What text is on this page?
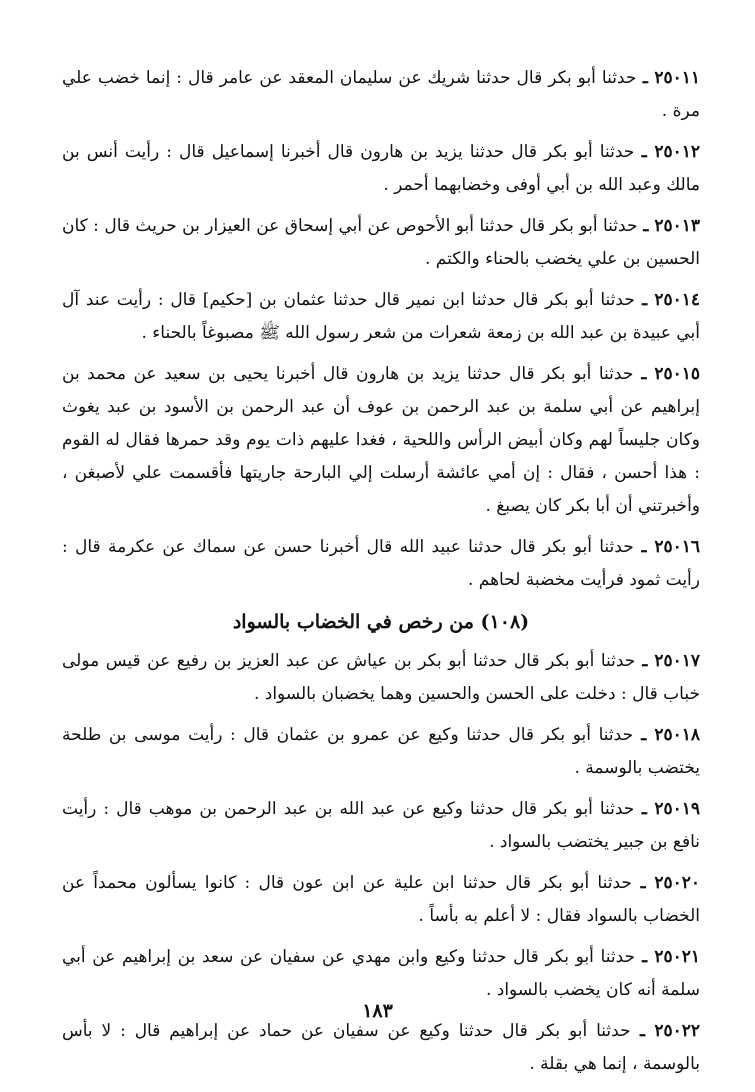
٢٥٠١١ ـ حدثنا أبو بكر قال حدثنا شريك عن سليمان المعقد عن عامر قال : إنما خضب علي مرة .

٢٥٠١٢ ـ حدثنا أبو بكر قال حدثنا يزيد بن هارون قال أخبرنا إسماعيل قال : رأيت أنس بن مالك وعبد الله بن أبي أوفى وخضابهما أحمر .

٢٥٠١٣ ـ حدثنا أبو بكر قال حدثنا أبو الأحوص عن أبي إسحاق عن العيزار بن حريث قال : كان الحسين بن علي يخضب بالحناء والكتم .

٢٥٠١٤ ـ حدثنا أبو بكر قال حدثنا ابن نمير قال حدثنا عثمان بن [حكيم] قال : رأيت عند آل أبي عبيدة بن عبد الله بن زمعة شعرات من شعر رسول الله ﷺ مصبوغاً بالحناء .

٢٥٠١٥ ـ حدثنا أبو بكر قال حدثنا يزيد بن هارون قال أخبرنا يحيى بن سعيد عن محمد بن إبراهيم عن أبي سلمة بن عبد الرحمن بن عوف أن عبد الرحمن بن الأسود بن عبد يغوث وكان جليساً لهم وكان أبيض الرأس واللحية ، فغدا عليهم ذات يوم وقد حمرها فقال له القوم : هذا أحسن ، فقال : إن أمي عائشة أرسلت إلي البارحة جاريتها فأقسمت علي لأصبغن ، وأخبرتني أن أبا بكر كان يصبغ .

٢٥٠١٦ ـ حدثنا أبو بكر قال حدثنا عبيد الله قال أخبرنا حسن عن سماك عن عكرمة قال : رأيت ثمود فرأيت مخضبة لحاهم .

(١٠٨) من رخص في الخضاب بالسواد

٢٥٠١٧ ـ حدثنا أبو بكر قال حدثنا أبو بكر بن عياش عن عبد العزيز بن رفيع عن قيس مولى خباب قال : دخلت على الحسن والحسين وهما يخضبان بالسواد .

٢٥٠١٨ ـ حدثنا أبو بكر قال حدثنا وكيع عن عمرو بن عثمان قال : رأيت موسى بن طلحة يختضب بالوسمة .

٢٥٠١٩ ـ حدثنا أبو بكر قال حدثنا وكيع عن عبد الله بن عبد الرحمن بن موهب قال : رأيت نافع بن جبير يختضب بالسواد .

٢٥٠٢٠ ـ حدثنا أبو بكر قال حدثنا ابن علية عن ابن عون قال : كانوا يسألون محمداً عن الخضاب بالسواد فقال : لا أعلم به بأساً .

٢٥٠٢١ ـ حدثنا أبو بكر قال حدثنا وكيع وابن مهدي عن سفيان عن سعد بن إبراهيم عن أبي سلمة أنه كان يخضب بالسواد .

٢٥٠٢٢ ـ حدثنا أبو بكر قال حدثنا وكيع عن سفيان عن حماد عن إبراهيم قال : لا بأس بالوسمة ، إنما هي بقلة .

١٨٣
